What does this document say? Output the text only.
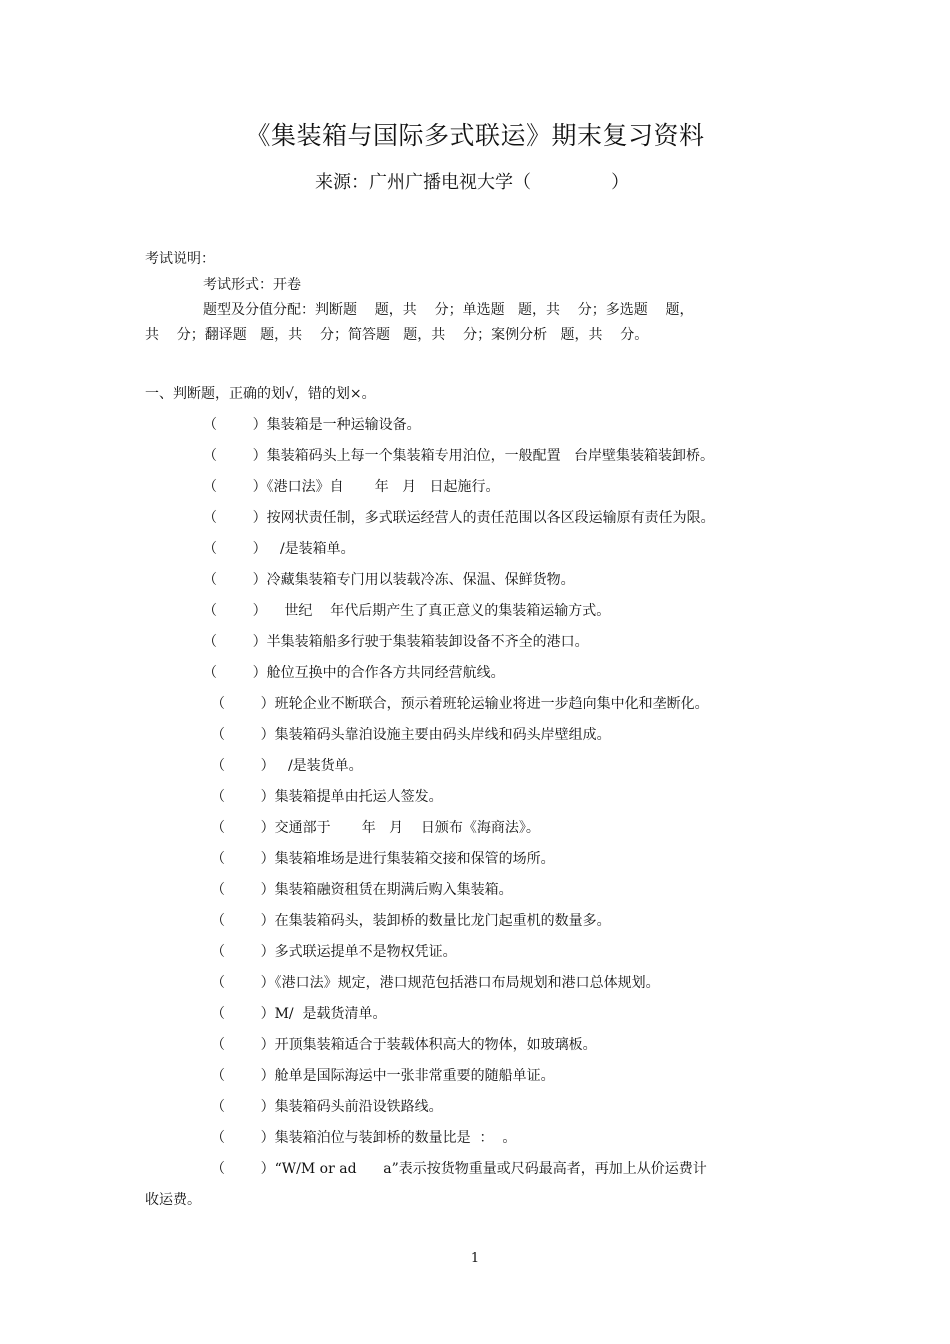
《集装箱与国际多式联运》期末复习资料
来源：广州广播电视大学（              ）
考试说明：
考试形式：开卷
题型及分值分配：判断题    题，共    分；单选题   题，共    分；多选题    题，
共    分；翻译题   题，共    分；简答题   题，共    分；案例分析   题，共    分。
一、判断题，正确的划√，错的划×。
（        ）集装箱是一种运输设备。
（        ）集装箱码头上每一个集装箱专用泊位，一般配置   台岸壁集装箱装卸桥。
（        ）《港口法》自       年   月   日起施行。
（        ）按网状责任制，多式联运经营人的责任范围以各区段运输原有责任为限。
（        ）   /是装箱单。
（        ）冷藏集装箱专门用以装载冷冻、保温、保鲜货物。
（        ）    世纪    年代后期产生了真正意义的集装箱运输方式。
（        ）半集装箱船多行驶于集装箱装卸设备不齐全的港口。
（        ）舱位互换中的合作各方共同经营航线。
（        ）班轮企业不断联合，预示着班轮运输业将进一步趋向集中化和垄断化。
（        ）集装箱码头靠泊设施主要由码头岸线和码头岸壁组成。
（        ）   /是装货单。
（        ）集装箱提单由托运人签发。
（        ）交通部于       年   月    日颁布《海商法》。
（        ）集装箱堆场是进行集装箱交接和保管的场所。
（        ）集装箱融资租赁在期满后购入集装箱。
（        ）在集装箱码头，装卸桥的数量比龙门起重机的数量多。
（        ）多式联运提单不是物权凭证。
（        ）《港口法》规定，港口规范包括港口布局规划和港口总体规划。
（        ）M/  是载货清单。
（        ）开顶集装箱适合于装载体积高大的物体，如玻璃板。
（        ）舱单是国际海运中一张非常重要的随船单证。
（        ）集装箱码头前沿设铁路线。
（        ）集装箱泊位与装卸桥的数量比是  ：  。
（        ）“W/M or ad      a”表示按货物重量或尺码最高者，再加上从价运费计
收运费。
1
